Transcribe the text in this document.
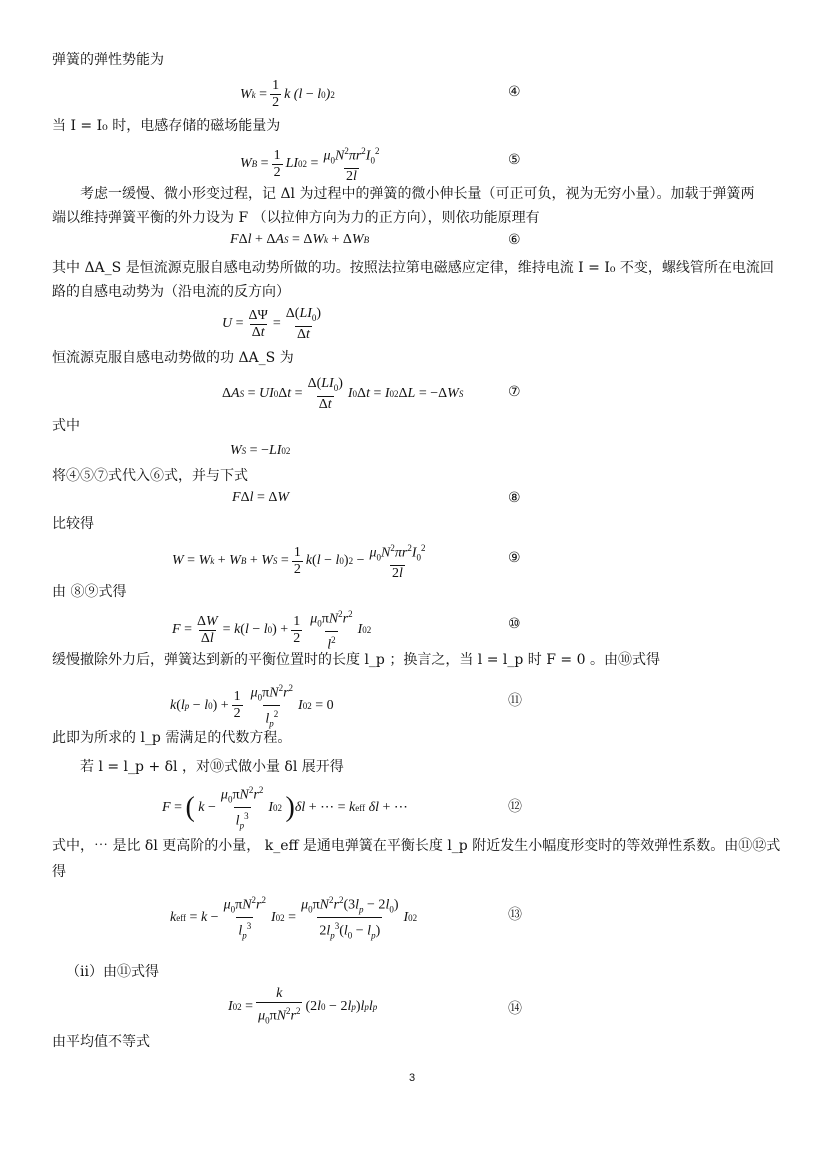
弹簧的弹性势能为
W k
= $\frac{1}{2}$ k (l − l 0 ) 2	④
当 I = I₀ 时，电感存储的磁场能量为
W B
= $\frac{1}{2}$ LI 0 2
= $\frac{\mu_0N^2\pi r^2I_0^2}{2l}$	⑤
　　考虑一缓慢、微小形变过程，记 Δl 为过程中的弹簧的微小伸长量（可正可负，视为无穷小量）。加载于弹簧两
端以维持弹簧平衡的外力设为 F （以拉伸方向为力的正方向），则依功能原理有
F Δ l + Δ A S = Δ W k + Δ W B	⑥
其中 ΔA_S 是恒流源克服自感电动势所做的功。按照法拉第电磁感应定律，维持电流 I = I₀ 不变，螺线管所在电流回
路的自感电动势为（沿电流的反方向）
$U = \frac{\Delta\Psi}{\Delta t} = \frac{\Delta(LI_0)}{\Delta t}$
恒流源克服自感电动势做的功 ΔA_S 为
Δ A S
= UI 0 Δ $t = \frac{\Delta(LI_0)}{\Delta t}$ I 0 Δ t = I 0 2 Δ L = −Δ W S	⑦
式中
W S
= − LI 0 2
将④⑤⑦式代入⑥式，并与下式
F Δ l = Δ W	⑧
比较得
W = W k + W B + W $S = \frac{1}{2}$ k ( l − l 0 ) $2 - \frac{\mu_0N^2\pi r^2I_0^2}{2l}$	⑨
由 ⑧⑨式得
$F = \frac{\Delta W}{\Delta l} = k$ ( l − l 0 ) + $\frac{1}{2} \frac{\mu_0\pi N^2r^2}{l^2}$ I 0 2	⑩
缓慢撤除外力后，弹簧达到新的平衡位置时的长度 l_p ；换言之，当 l = l_p 时 F = 0 。由⑩式得
k ( l p − l 0 ) + $\frac{1}{2} \frac{\mu_0\pi N^2r^2}{l_p^2}$ I 0 2 = 0	⑪
此即为所求的 l_p 需满足的代数方程。
　　若 l = l_p + δl ，对⑩式做小量 δl 展开得
F = ( $k - \frac{\mu_0\pi N^2r^2}{l_p^3}$ I 0 2
) δl + ⋯ = k eff δl + ⋯	⑫
式中，⋯ 是比 δl 更高阶的小量， k_eff 是通电弹簧在平衡长度 l_p 附近发生小幅度形变时的等效弹性系数。由⑪⑫式
得
k eff = $k - \frac{\mu_0\pi N^2r^2}{l_p^3}$ I 0 $2 = \frac{\mu_0\pi N^2r^2(3l_p - 2l_0)}{2l_p^3(l_0 - l_p)}$ I 0 2	⑬
（ii）由⑪式得
I 0 $2 = \frac{k}{\mu_0\pi N^2r^2} (2$ l 0 − 2 l p ) l p l p	⑭
由平均值不等式
3
